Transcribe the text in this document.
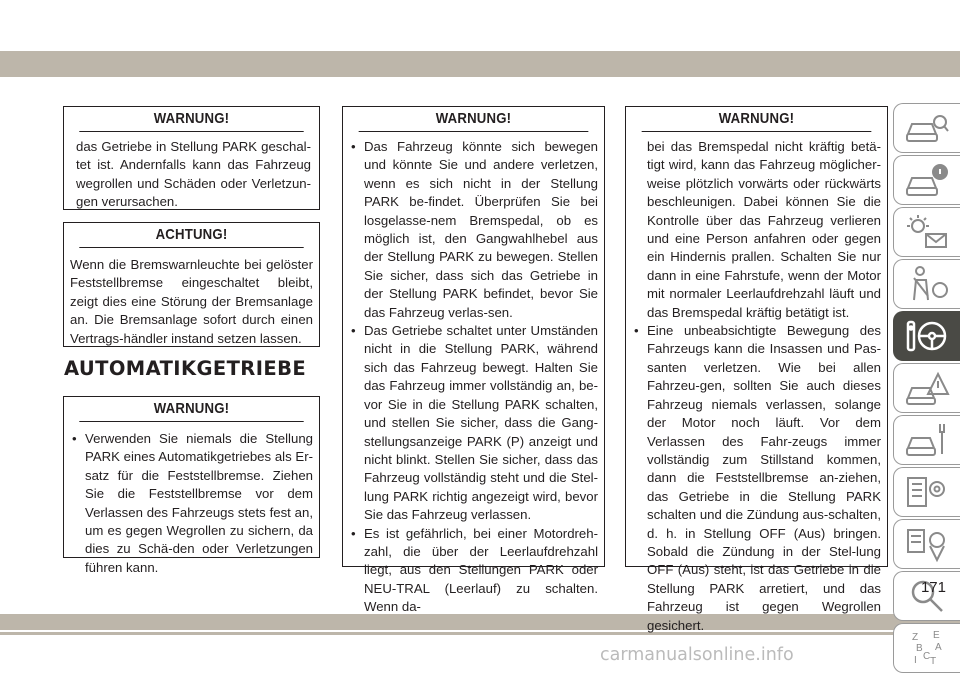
WARNUNG!

das Getriebe in Stellung PARK geschal-

tet ist. Andernfalls kann das Fahrzeug

wegrollen und Schäden oder Verletzun-

gen verursachen.

ACHTUNG!
Wenn die Bremswarnleuchte bei gelöster Feststellbremse eingeschaltet bleibt, zeigt dies eine Störung der Bremsanlage an. Die Bremsanlage sofort durch einen Vertrags-händler instand setzen lassen.
AUTOMATIKGETRIEBE
WARNUNG!

• Verwenden Sie niemals die Stellung PARK eines Automatikgetriebes als Er-satz für die Feststellbremse. Ziehen Sie die Feststellbremse vor dem Verlassen des Fahrzeugs stets fest an, um es gegen Wegrollen zu sichern, da dies zu Schä-den oder Verletzungen führen kann.

WARNUNG!

• Das Fahrzeug könnte sich bewegen und könnte Sie und andere verletzen, wenn es sich nicht in der Stellung PARK be-findet. Überprüfen Sie bei losgelasse-nem Bremspedal, ob es möglich ist, den Gangwahlhebel aus der Stellung PARK zu bewegen. Stellen Sie sicher, dass sich das Getriebe in der Stellung PARK befindet, bevor Sie das Fahrzeug verlas-sen.

• Das Getriebe schaltet unter Umständen nicht in die Stellung PARK, während sich das Fahrzeug bewegt. Halten Sie das Fahrzeug immer vollständig an, be-vor Sie in die Stellung PARK schalten, und stellen Sie sicher, dass die Gang-stellungsanzeige PARK (P) anzeigt und nicht blinkt. Stellen Sie sicher, dass das Fahrzeug vollständig steht und die Stel-lung PARK richtig angezeigt wird, bevor Sie das Fahrzeug verlassen.

• Es ist gefährlich, bei einer Motordreh-zahl, die über der Leerlaufdrehzahl liegt, aus den Stellungen PARK oder NEU-TRAL (Leerlauf) zu schalten. Wenn da-

WARNUNG!

bei das Bremspedal nicht kräftig betä-tigt wird, kann das Fahrzeug möglicher-weise plötzlich vorwärts oder rückwärts beschleunigen. Dabei können Sie die Kontrolle über das Fahrzeug verlieren und eine Person anfahren oder gegen ein Hindernis prallen. Schalten Sie nur dann in eine Fahrstufe, wenn der Motor mit normaler Leerlaufdrehzahl läuft und das Bremspedal kräftig betätigt ist.

• Eine unbeabsichtigte Bewegung des Fahrzeugs kann die Insassen und Pas-santen verletzen. Wie bei allen Fahrzeu-gen, sollten Sie auch dieses Fahrzeug niemals verlassen, solange der Motor noch läuft. Vor dem Verlassen des Fahr-zeugs immer vollständig zum Stillstand kommen, dann die Feststellbremse an-ziehen, das Getriebe in die Stellung PARK schalten und die Zündung aus-schalten, d. h. in Stellung OFF (Aus) bringen. Sobald die Zündung in der Stel-lung OFF (Aus) steht, ist das Getriebe in die Stellung PARK arretiert, und das Fahrzeug ist gegen Wegrollen gesichert.

Z E
B A
I C T
171
carmanualsonline.info
